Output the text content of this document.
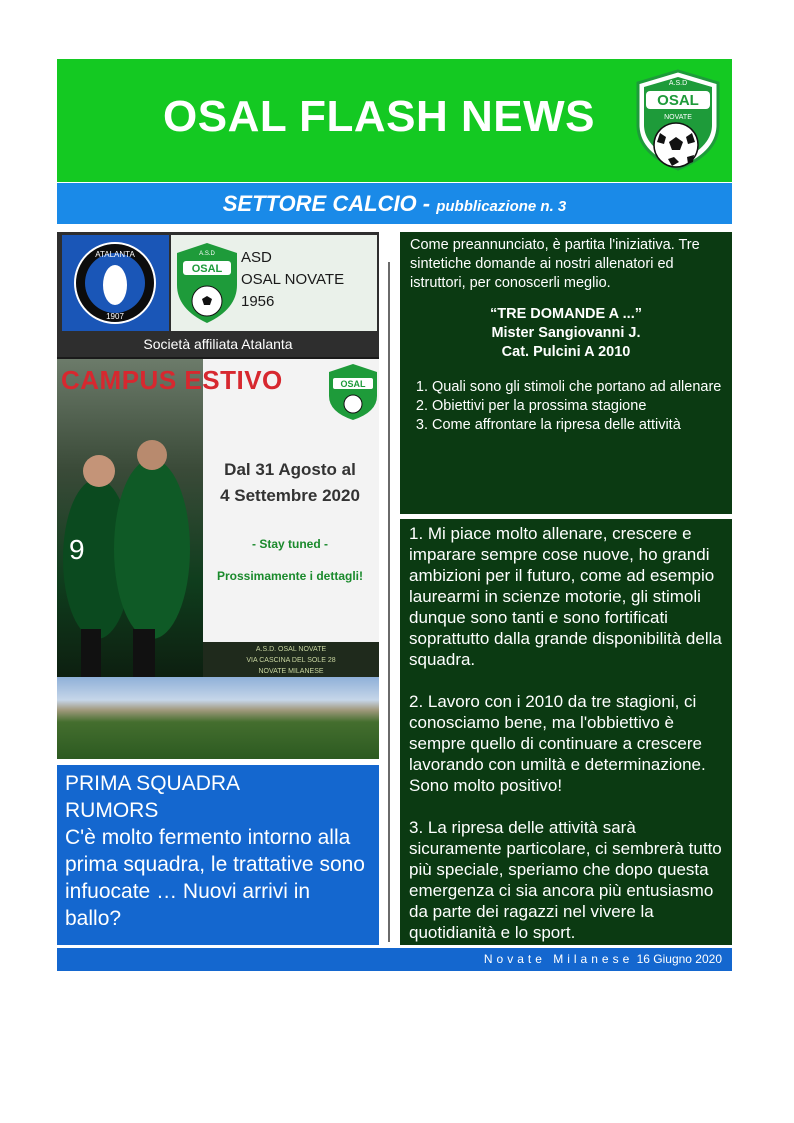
OSAL FLASH NEWS
A.S.D
OSAL
NOVATE
SETTORE CALCIO - pubblicazione n. 3
ATALANTA
1907
OSAL
A.S.D ASD
OSAL NOVATE
1956
Società affiliata Atalanta
9
CAMPUS ESTIVO	OSAL
Dal 31 Agosto al
4 Settembre 2020
- Stay tuned -
Prossimamente i dettagli!
A.S.D. OSAL NOVATE
VIA CASCINA DEL SOLE 28
NOVATE MILANESE
PRIMA SQUADRA
RUMORS
C'è molto fermento intorno alla prima squadra, le trattative sono infuocate … Nuovi arrivi in ballo?
Come preannunciato, è partita l'iniziativa. Tre sintetiche domande ai nostri allenatori ed istruttori, per conoscerli meglio.
“TRE DOMANDE A ...”
Mister Sangiovanni J.
Cat. Pulcini A 2010
1. Quali sono gli stimoli che portano ad allenare
2. Obiettivi per la prossima stagione
3. Come affrontare la ripresa delle attività

1. Mi piace molto allenare, crescere e imparare sempre cose nuove, ho grandi ambizioni per il futuro, come ad esempio laurearmi in scienze motorie, gli stimoli dunque sono tanti e sono fortificati soprattutto dalla grande disponibilità della squadra.

2. Lavoro con i 2010 da tre stagioni, ci conosciamo bene, ma l'obbiettivo è sempre quello di continuare a crescere lavorando con umiltà e determinazione. Sono molto positivo!

3. La ripresa delle attività sarà sicuramente particolare, ci sembrerà tutto più speciale, speriamo che dopo questa emergenza ci sia ancora più entusiasmo da parte dei ragazzi nel vivere la quotidianità e lo sport.

Novate Milanese 16 Giugno 2020
